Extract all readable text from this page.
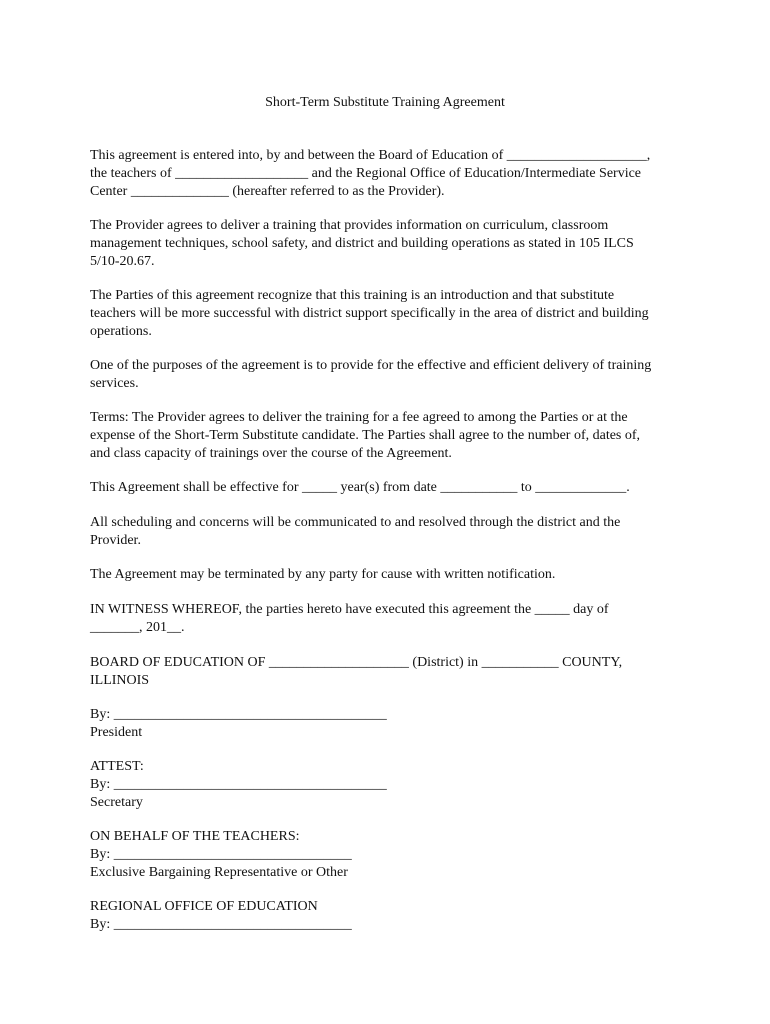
Short-Term Substitute Training Agreement
This agreement is entered into, by and between the Board of Education of ____________________,
the teachers of ___________________ and the Regional Office of Education/Intermediate Service
Center ______________ (hereafter referred to as the Provider).
The Provider agrees to deliver a training that provides information on curriculum, classroom
management techniques, school safety, and district and building operations as stated in 105 ILCS
5/10-20.67.
The Parties of this agreement recognize that this training is an introduction and that substitute
teachers will be more successful with district support specifically in the area of district and building
operations.
One of the purposes of the agreement is to provide for the effective and efficient delivery of training
services.
Terms: The Provider agrees to deliver the training for a fee agreed to among the Parties or at the
expense of the Short-Term Substitute candidate. The Parties shall agree to the number of, dates of,
and class capacity of trainings over the course of the Agreement.
This Agreement shall be effective for _____ year(s) from date ___________ to _____________.
All scheduling and concerns will be communicated to and resolved through the district and the
Provider.
The Agreement may be terminated by any party for cause with written notification.
IN WITNESS WHEREOF, the parties hereto have executed this agreement the _____ day of
_______, 201__.
BOARD OF EDUCATION OF ____________________ (District) in ___________ COUNTY,
ILLINOIS
By: _______________________________________
President
ATTEST:
By: _______________________________________
Secretary
ON BEHALF OF THE TEACHERS:
By: __________________________________
Exclusive Bargaining Representative or Other
REGIONAL OFFICE OF EDUCATION
By: __________________________________
